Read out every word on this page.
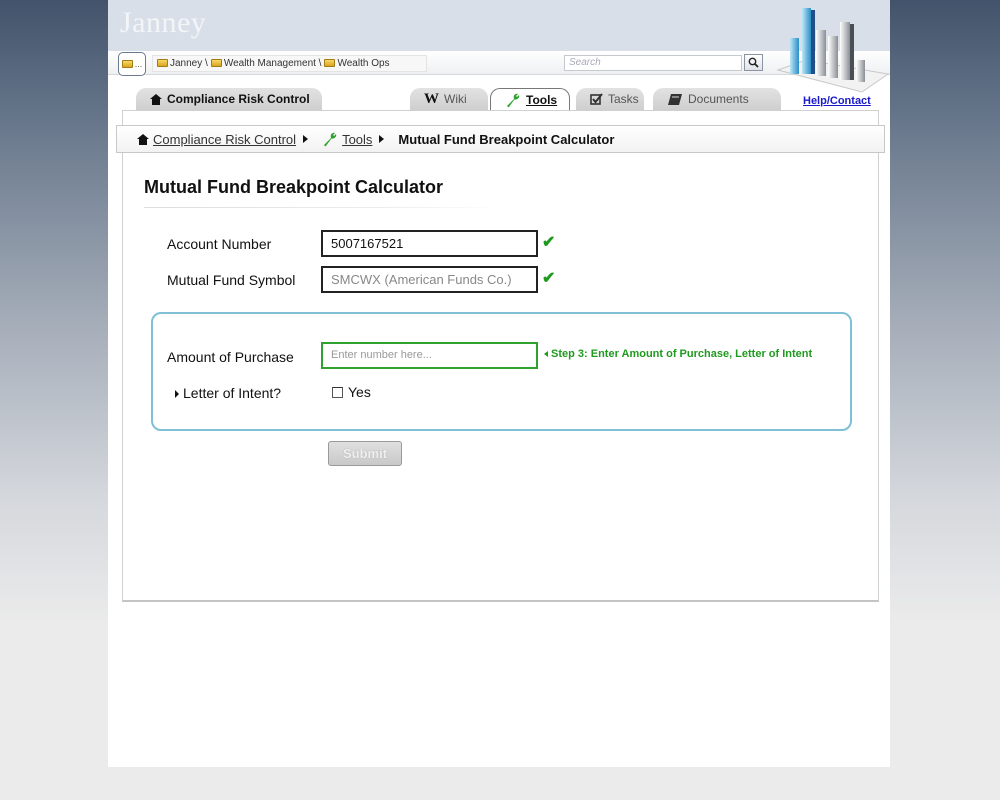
Janney
...	Janney \	Wealth Management \	Wealth Ops	Search
Compliance Risk Control	W Wiki	Tools	Tasks	Documents	Help/Contact
Compliance Risk Control	Tools Mutual Fund Breakpoint Calculator
Mutual Fund Breakpoint Calculator
Account Number	5007167521	✔
Mutual Fund Symbol	SMCWX (American Funds Co.)	✔
Amount of Purchase	Enter number here...	Step 3: Enter Amount of Purchase, Letter of Intent
Letter of Intent?	Yes
Submit
